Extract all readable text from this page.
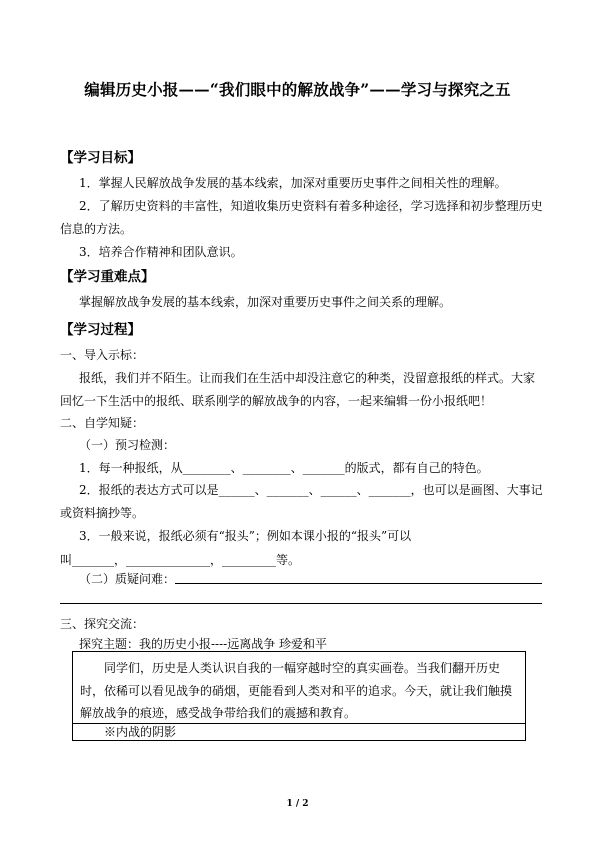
编辑历史小报——“我们眼中的解放战争”——学习与探究之五
【学习目标】
1．掌握人民解放战争发展的基本线索，加深对重要历史事件之间相关性的理解。
2．了解历史资料的丰富性，知道收集历史资料有着多种途径，学习选择和初步整理历史
信息的方法。
3．培养合作精神和团队意识。
【学习重难点】
掌握解放战争发展的基本线索，加深对重要历史事件之间关系的理解。
【学习过程】
一、导入示标：
报纸，我们并不陌生。让而我们在生活中却没注意它的种类，没留意报纸的样式。大家
回忆一下生活中的报纸、联系刚学的解放战争的内容，一起来编辑一份小报纸吧！
二、自学知疑：
（一）预习检测：
1．每一种报纸，从________、________、_______的版式，都有自己的特色。
2．报纸的表达方式可以是______、_______、______、_______，也可以是画图、大事记
或资料摘抄等。
3．一般来说，报纸必须有“报头”；例如本课小报的“报头”可以
叫_______，______________，_________等。
（二）质疑问难：
三、探究交流：
探究主题：我的历史小报----远离战争 珍爱和平
同学们，历史是人类认识自我的一幅穿越时空的真实画卷。当我们翻开历史
时，依稀可以看见战争的硝烟，更能看到人类对和平的追求。今天，就让我们触摸
解放战争的痕迹，感受战争带给我们的震撼和教育。
※内战的阴影
1 / 2
